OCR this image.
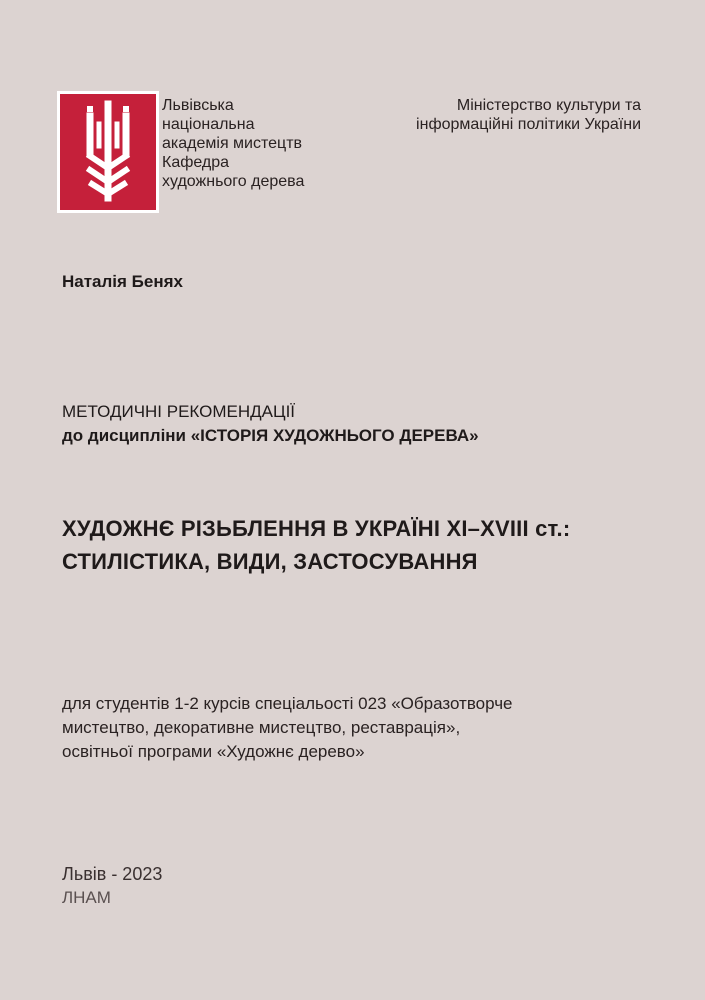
Львівська
національна
академія мистецтв
Кафедра
художнього дерева
Міністерство культури та
інформаційні політики України
Наталія Бенях
МЕТОДИЧНІ РЕКОМЕНДАЦІЇ
до дисципліни «ІСТОРІЯ ХУДОЖНЬОГО ДЕРЕВА»
ХУДОЖНЄ РІЗЬБЛЕННЯ В УКРАЇНІ XI–XVIII ст.:
СТИЛІСТИКА, ВИДИ, ЗАСТОСУВАННЯ
для студентів 1-2 курсів спеціальості 023 «Образотворче
мистецтво, декоративне мистецтво, реставрація»,
освітньої програми «Художнє дерево»
Львів - 2023
ЛНАМ
